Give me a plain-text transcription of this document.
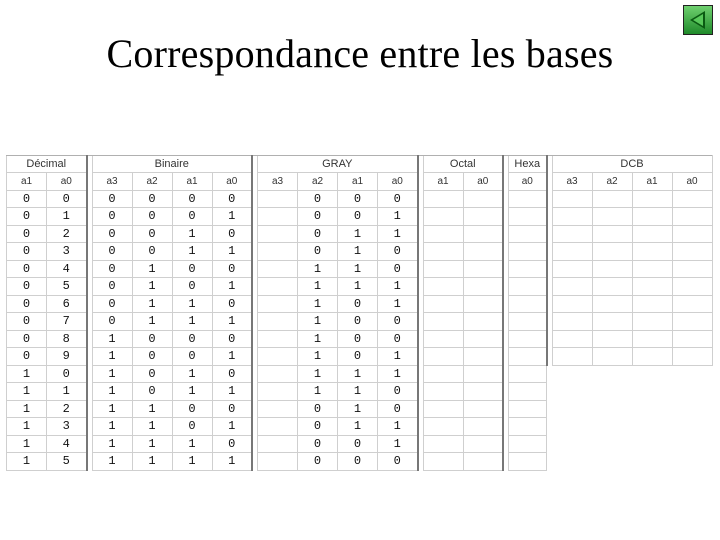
Correspondance entre les bases
Décimal			Binaire					GRAY					Octal			Hexa		DCB			
a1	a0		a3	a2	a1	a0		a3	a2	a1	a0		a1	a0		a0		a3	a2	a1	a0
0	0		0	0	0	0			0	0	0										
0	1		0	0	0	1			0	0	1										
0	2		0	0	1	0			0	1	1										
0	3		0	0	1	1			0	1	0										
0	4		0	1	0	0			1	1	0										
0	5		0	1	0	1			1	1	1										
0	6		0	1	1	0			1	0	1										
0	7		0	1	1	1			1	0	0										
0	8		1	0	0	0			1	0	0										
0	9		1	0	0	1			1	0	1										
1	0		1	0	1	0			1	1	1										
1	1		1	0	1	1			1	1	0										
1	2		1	1	0	0			0	1	0										
1	3		1	1	0	1			0	1	1										
1	4		1	1	1	0			0	0	1										
1	5		1	1	1	1			0	0	0										
